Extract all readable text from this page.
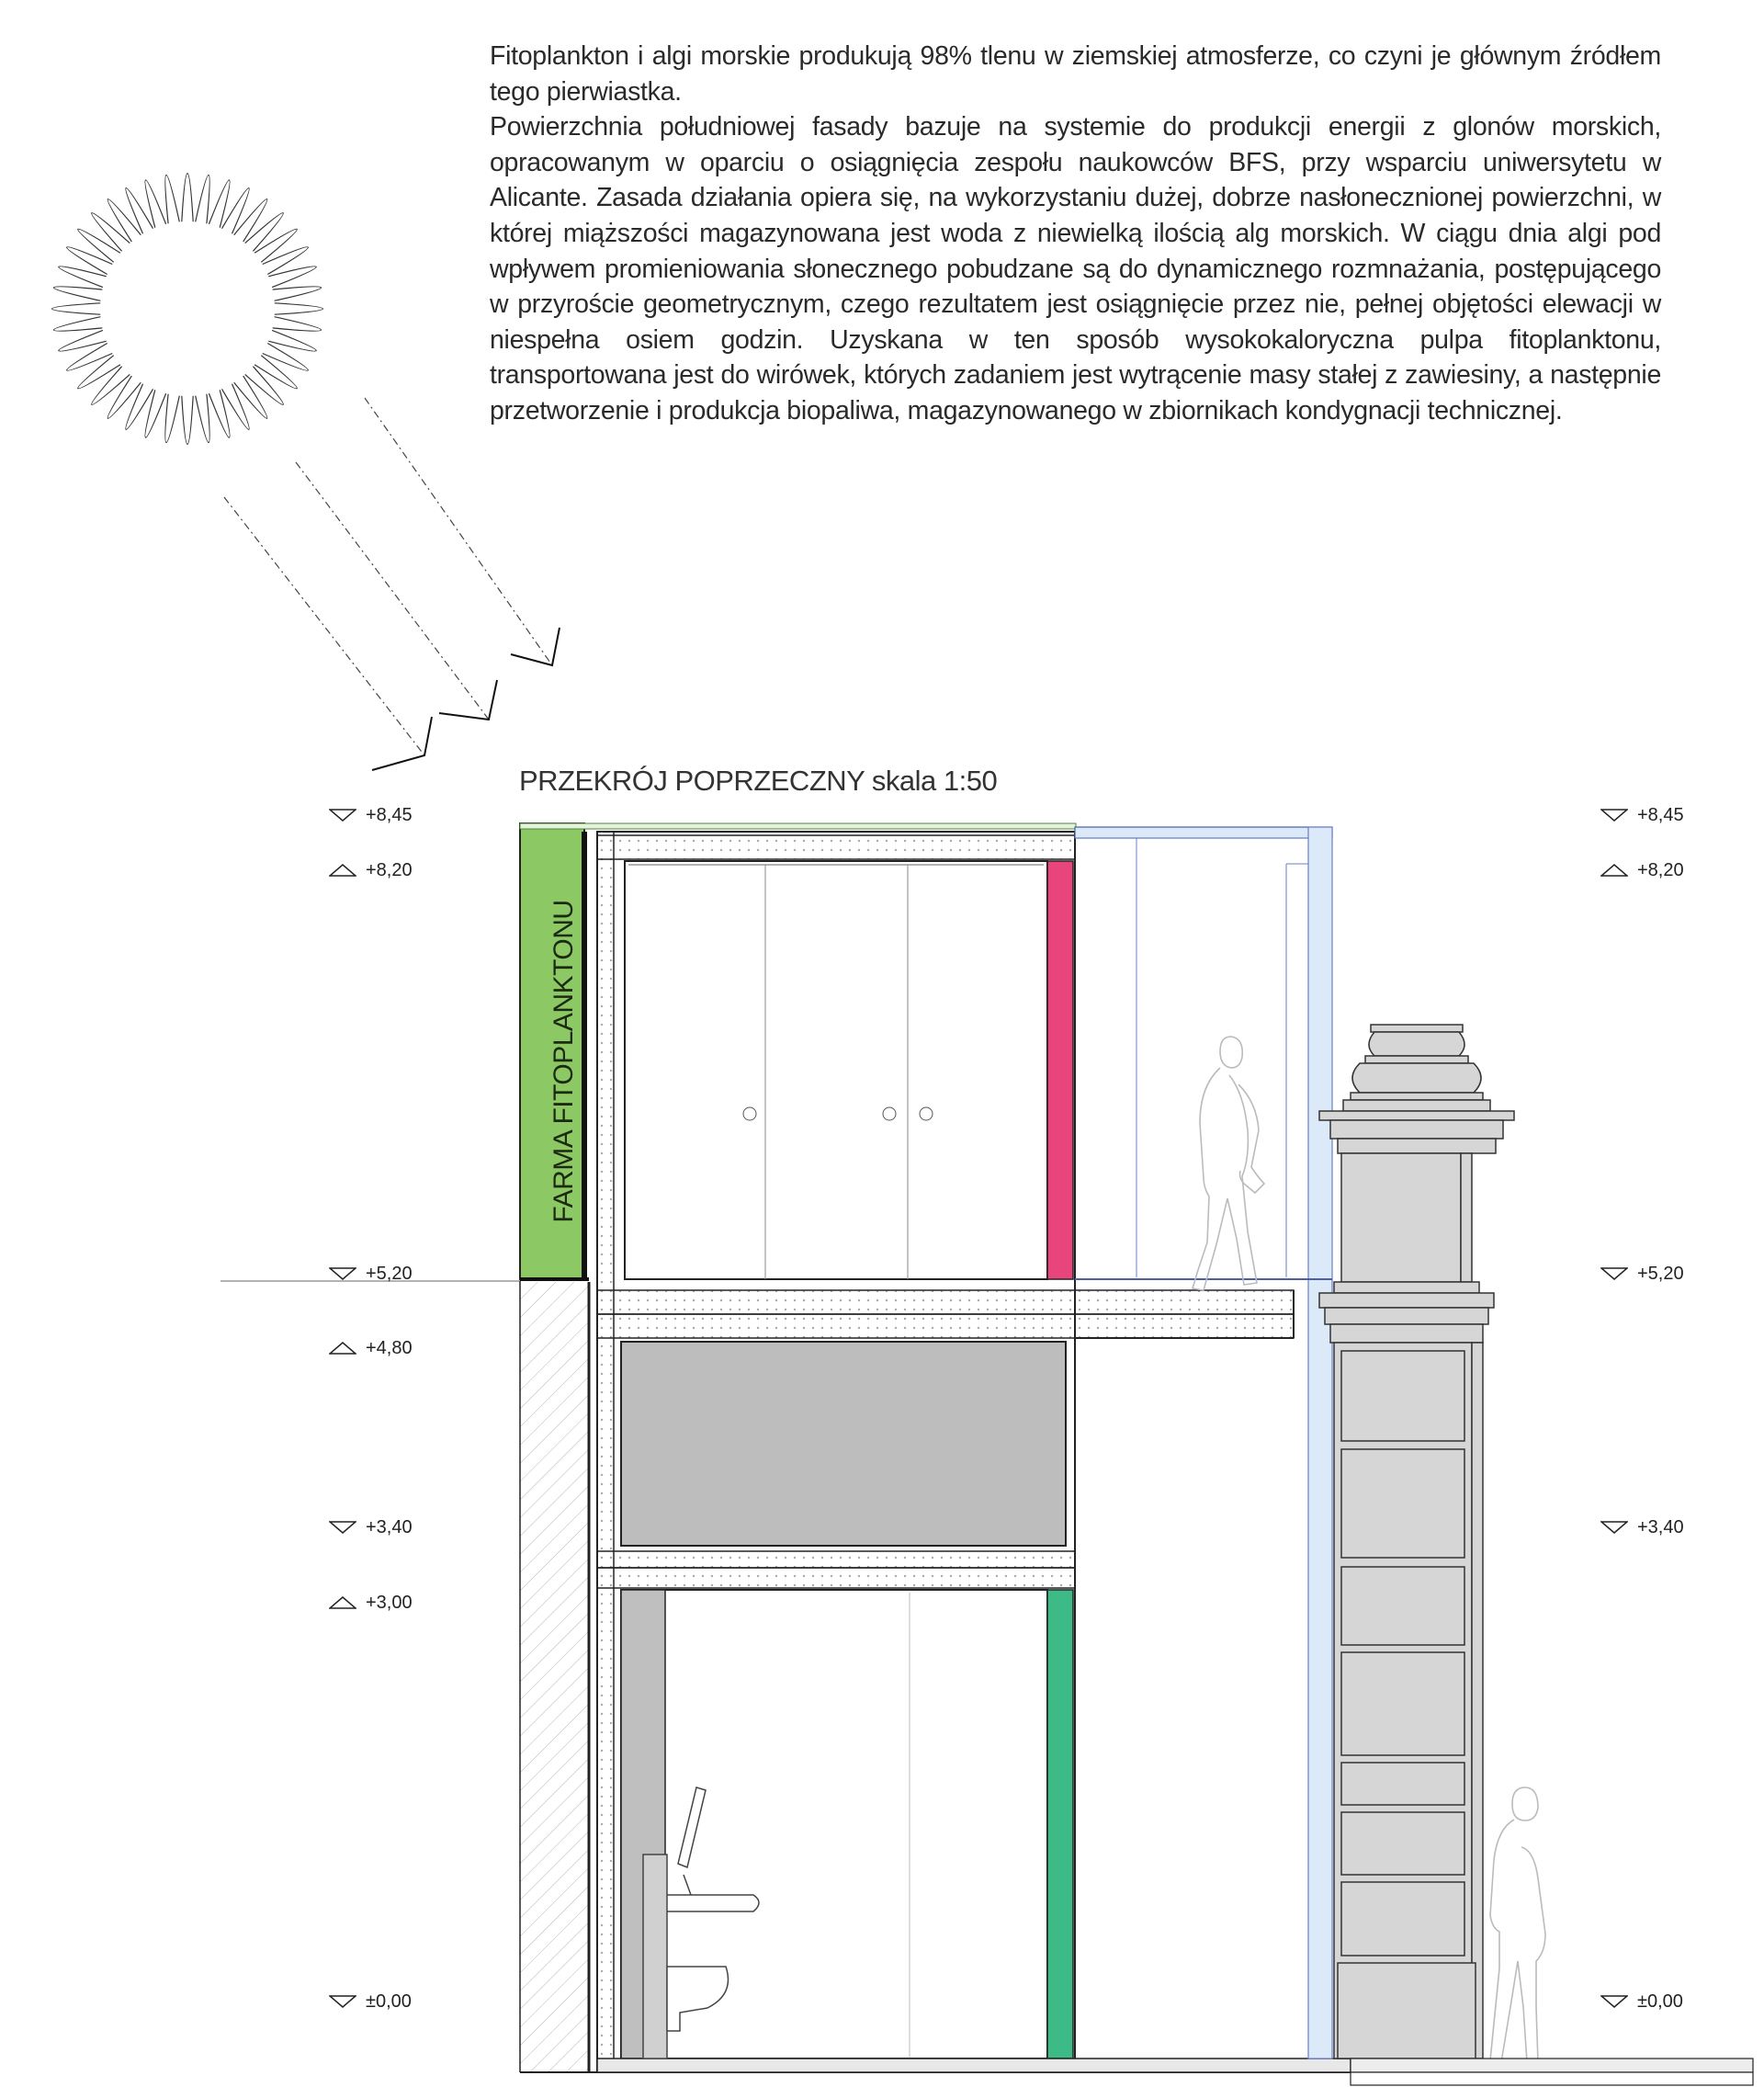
Fitoplankton i algi morskie produkują 98% tlenu w ziemskiej atmosferze, co czyni je głównym źródłem tego pierwiastka.

Powierzchnia południowej fasady bazuje na systemie do produkcji energii z glonów morskich, opracowanym w oparciu o osiągnięcia zespołu naukowców BFS, przy wsparciu uniwersytetu w Alicante. Zasada działania opiera się, na wykorzystaniu dużej, dobrze nasłonecznionej powierzchni, w której miąższości magazynowana jest woda z niewielką ilością alg morskich. W ciągu dnia algi pod wpływem promieniowania słonecznego pobudzane są do dynamicznego rozmnażania, postępującego w przyroście geometrycznym, czego rezultatem jest osiągnięcie przez nie, pełnej objętości elewacji w niespełna osiem godzin. Uzyskana w ten sposób wysokokaloryczna pulpa fitoplanktonu, transportowana jest do wirówek, których zadaniem jest wytrącenie masy stałej z zawiesiny, a następnie przetworzenie i produkcja biopaliwa, magazynowanego w zbiornikach kondygnacji technicznej.

PRZEKRÓJ POPRZECZNY skala 1:50
FARMA FITOPLANKTONU
+8,45
+8,20
+5,20
+4,80
+3,40
+3,00
±0,00
+8,45
+8,20
+5,20
+3,40
±0,00
